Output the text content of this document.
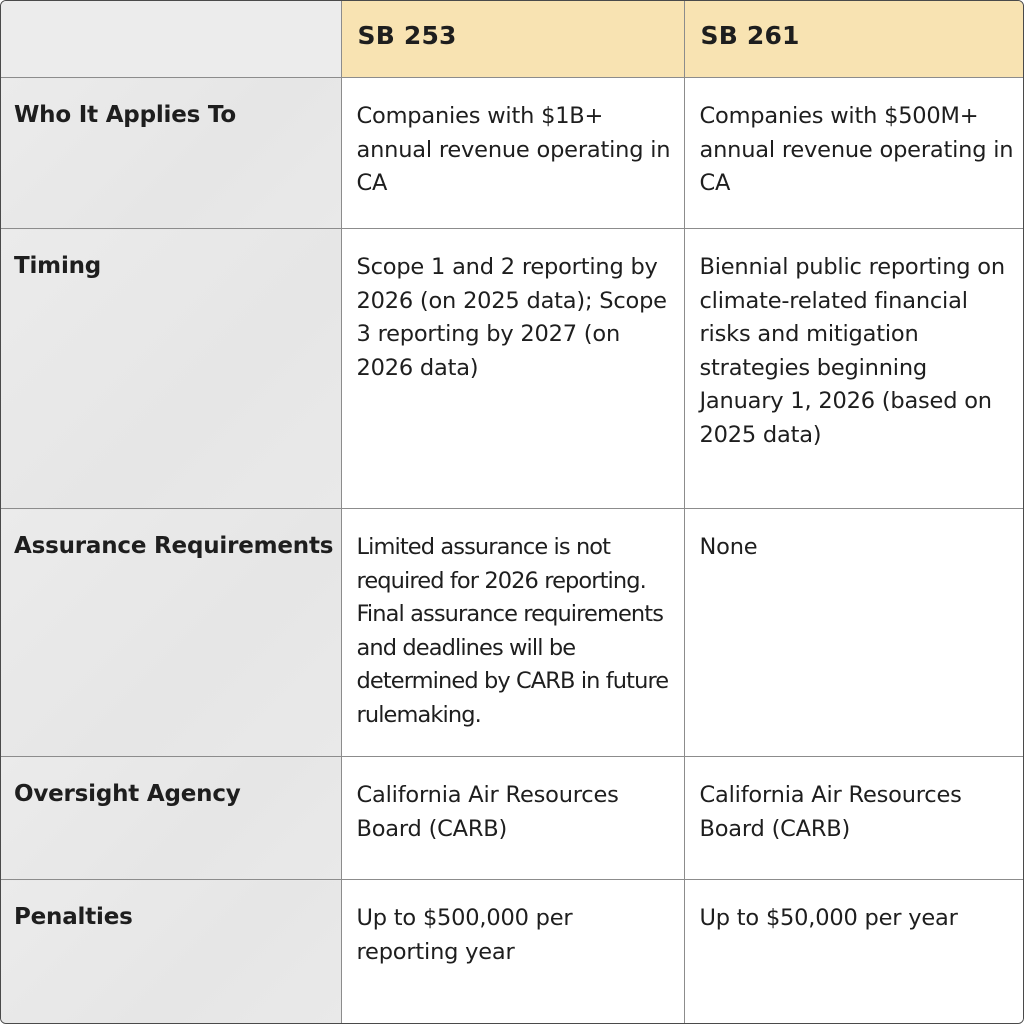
	SB 253	SB 261

Who It Applies To	Companies with $1B+ annual revenue operating in CA	Companies with $500M+ annual revenue operating in CA

Timing	Scope 1 and 2 reporting by 2026 (on 2025 data); Scope 3 reporting by 2027 (on 2026 data)	Biennial public reporting on climate-related financial risks and mitigation strategies beginning January 1, 2026 (based on 2025 data)

Assurance Requirements	Limited assurance is not required for 2026 reporting. Final assurance requirements and deadlines will be determined by CARB in future rulemaking.	None

Oversight Agency	California Air Resources Board (CARB)	California Air Resources Board (CARB)

Penalties	Up to $500,000 per reporting year	Up to $50,000 per year
